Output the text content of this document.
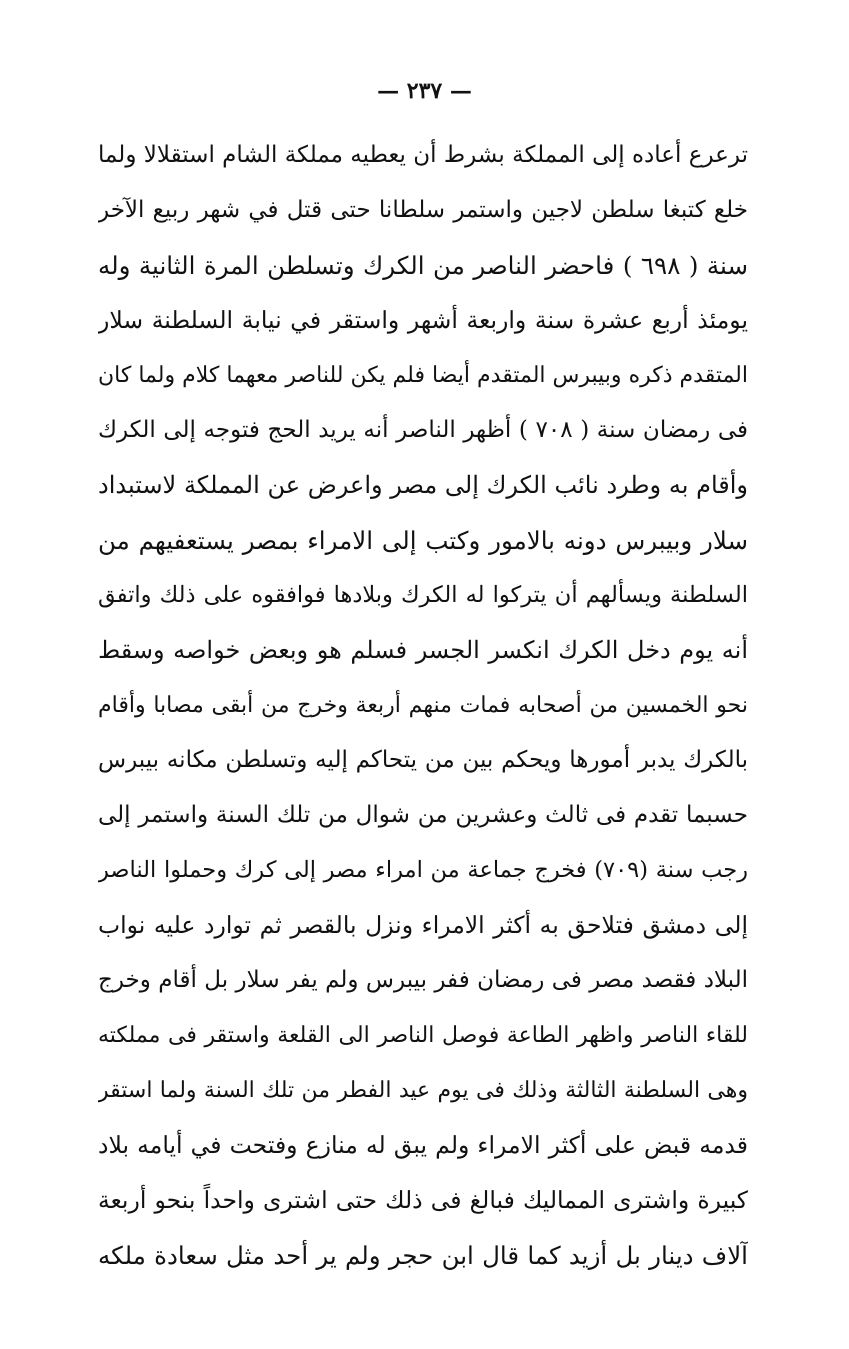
— ٢٣٧ —
ترعرع أعاده إلى المملكة بشرط أن يعطيه مملكة الشام استقلالا ولما
خلع كتبغا سلطن لاجين واستمر سلطانا حتى قتل في شهر ربيع الآخر
سنة ( ٦٩٨ ) فاحضر الناصر من الكرك وتسلطن المرة الثانية وله
يومئذ أربع عشرة سنة واربعة أشهر واستقر في نيابة السلطنة سلار
المتقدم ذكره وبيبرس المتقدم أيضا فلم يكن للناصر معهما كلام ولما كان
فى رمضان سنة ( ٧٠٨ ) أظهر الناصر أنه يريد الحج فتوجه إلى الكرك
وأقام به وطرد نائب الكرك إلى مصر واعرض عن المملكة لاستبداد
سلار وبيبرس دونه بالامور وكتب إلى الامراء بمصر يستعفيهم من
السلطنة ويسألهم أن يتركوا له الكرك وبلادها فوافقوه على ذلك واتفق
أنه يوم دخل الكرك انكسر الجسر فسلم هو وبعض خواصه وسقط
نحو الخمسين من أصحابه فمات منهم أربعة وخرج من أبقى مصابا وأقام
بالكرك يدبر أمورها ويحكم بين من يتحاكم إليه وتسلطن مكانه بيبرس
حسبما تقدم فى ثالث وعشرين من شوال من تلك السنة واستمر إلى
رجب سنة (٧٠٩) فخرج جماعة من امراء مصر إلى كرك وحملوا الناصر
إلى دمشق فتلاحق به أكثر الامراء ونزل بالقصر ثم توارد عليه نواب
البلاد فقصد مصر فى رمضان ففر بيبرس ولم يفر سلار بل أقام وخرج
للقاء الناصر واظهر الطاعة فوصل الناصر الى القلعة واستقر فى مملكته
وهى السلطنة الثالثة وذلك فى يوم عيد الفطر من تلك السنة ولما استقر
قدمه قبض على أكثر الامراء ولم يبق له منازع وفتحت في أيامه بلاد
كبيرة واشترى المماليك فبالغ فى ذلك حتى اشترى واحداً بنحو أربعة
آلاف دينار بل أزيد كما قال ابن حجر ولم ير أحد مثل سعادة ملكه
